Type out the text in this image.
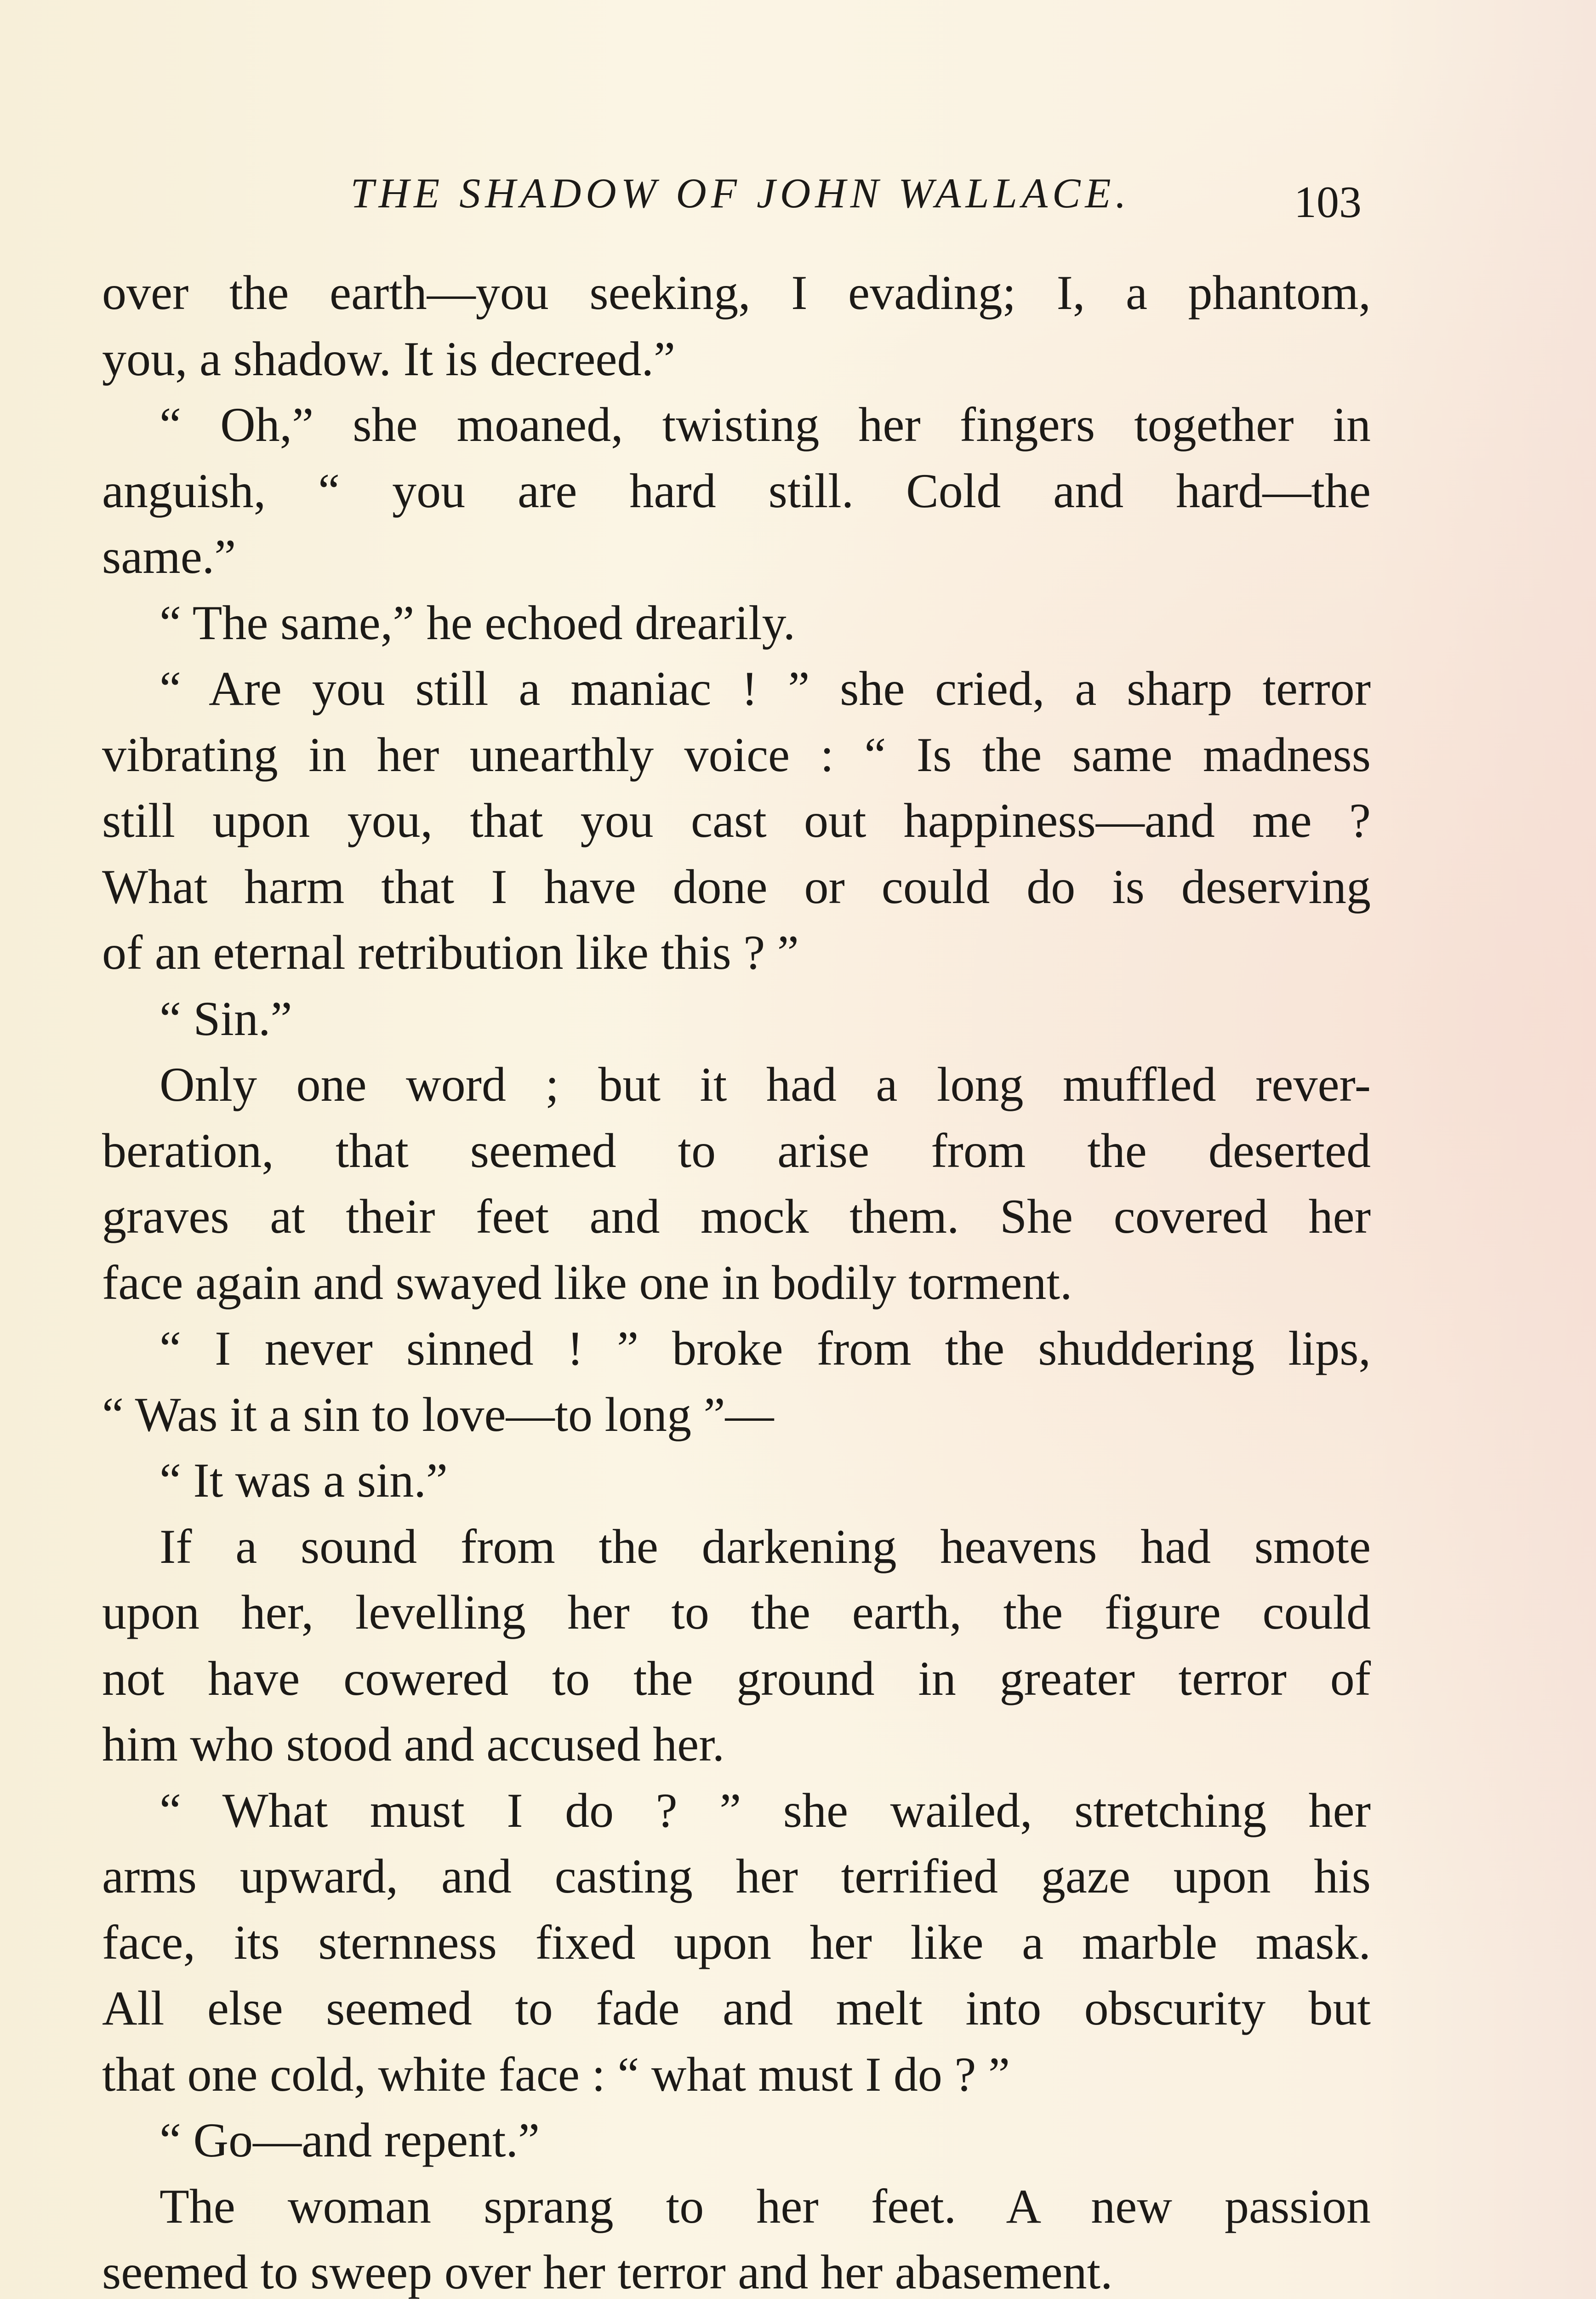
THE SHADOW OF JOHN WALLACE.	103
over the earth—you seeking, I evading; I, a phantom,
you, a shadow. It is decreed.”
“ Oh,” she moaned, twisting her fingers together in
anguish, “ you are hard still. Cold and hard—the
same.”
“ The same,” he echoed drearily.
“ Are you still a maniac ! ” she cried, a sharp terror
vibrating in her unearthly voice : “ Is the same madness
still upon you, that you cast out happiness—and me ?
What harm that I have done or could do is deserving
of an eternal retribution like this ? ”
“ Sin.”
Only one word ; but it had a long muffled rever-
beration, that seemed to arise from the deserted
graves at their feet and mock them. She covered her
face again and swayed like one in bodily torment.
“ I never sinned ! ” broke from the shuddering lips,
“ Was it a sin to love—to long ”—
“ It was a sin.”
If a sound from the darkening heavens had smote
upon her, levelling her to the earth, the figure could
not have cowered to the ground in greater terror of
him who stood and accused her.
“ What must I do ? ” she wailed, stretching her
arms upward, and casting her terrified gaze upon his
face, its sternness fixed upon her like a marble mask.
All else seemed to fade and melt into obscurity but
that one cold, white face : “ what must I do ? ”
“ Go—and repent.”
The woman sprang to her feet. A new passion
seemed to sweep over her terror and her abasement.
